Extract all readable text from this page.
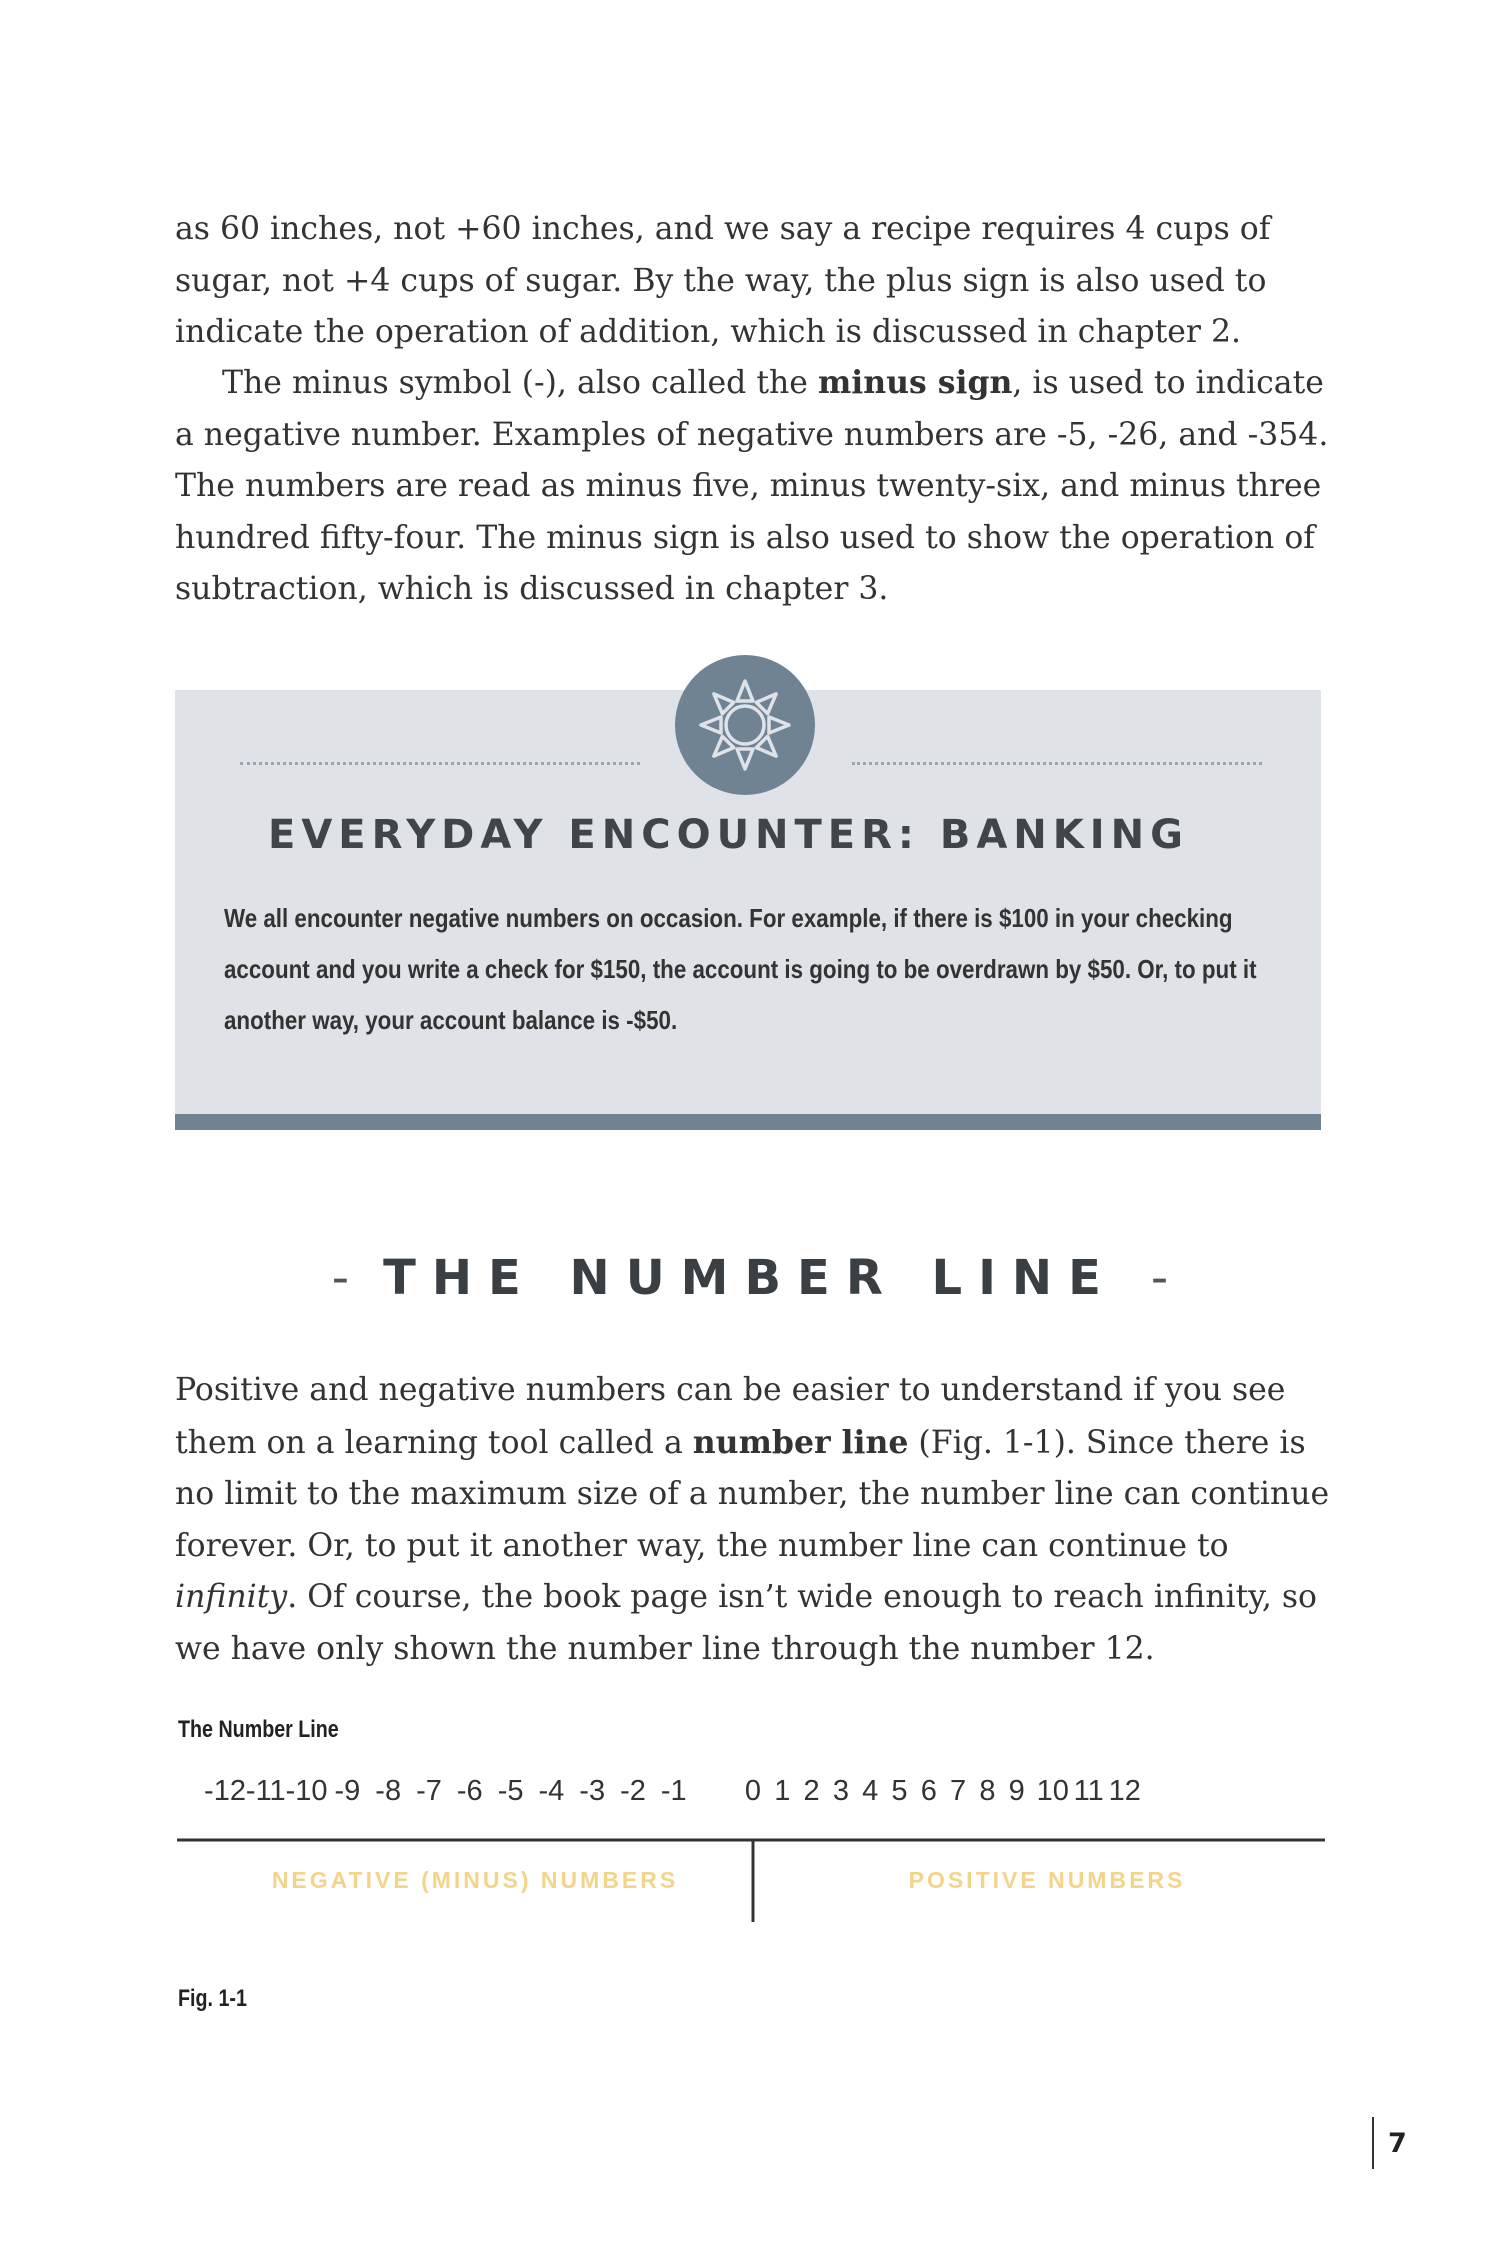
as 60 inches, not +60 inches, and we say a recipe requires 4 cups of sugar, not +4 cups of sugar. By the way, the plus sign is also used to indicate the operation of addition, which is discussed in chapter 2.

The minus symbol (-), also called the minus sign, is used to indicate a negative number. Examples of negative numbers are -5, -26, and -354. The numbers are read as minus five, minus twenty-six, and minus three hundred fifty-four. The minus sign is also used to show the operation of subtraction, which is discussed in chapter 3.

EVERYDAY ENCOUNTER: BANKING

We all encounter negative numbers on occasion. For example, if there is $100 in your checking account and you write a check for $150, the account is going to be overdrawn by $50. Or, to put it another way, your account balance is -$50.

- THE NUMBER LINE -

Positive and negative numbers can be easier to understand if you see them on a learning tool called a number line (Fig. 1-1). Since there is no limit to the maximum size of a number, the number line can continue forever. Or, to put it another way, the number line can continue to infinity. Of course, the book page isn’t wide enough to reach infinity, so we have only shown the number line through the number 12.

The Number Line
-12 -11 -10 -9 -8 -7 -6 -5 -4 -3 -2 -1 0 1 2 3 4 5 6 7 8 9 10 11 12
NEGATIVE (MINUS) NUMBERS	POSITIVE NUMBERS
Fig. 1-1
7
